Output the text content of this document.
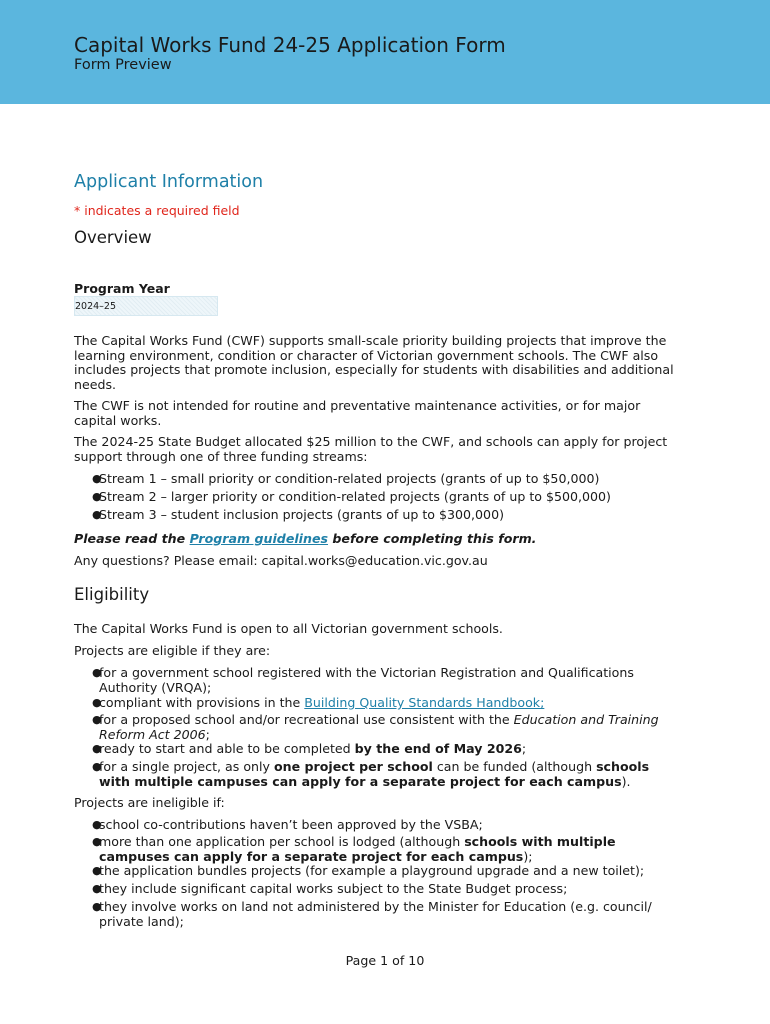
Capital Works Fund 24-25 Application Form
Form Preview
Applicant Information
* indicates a required field
Overview
Program Year
2024–25
The Capital Works Fund (CWF) supports small-scale priority building projects that improve the learning environment, condition or character of Victorian government schools. The CWF also includes projects that promote inclusion, especially for students with disabilities and additional needs.
The CWF is not intended for routine and preventative maintenance activities, or for major capital works.
The 2024-25 State Budget allocated $25 million to the CWF, and schools can apply for project support through one of three funding streams:
●
Stream 1 – small priority or condition-related projects (grants of up to $50,000)
●
Stream 2 – larger priority or condition-related projects (grants of up to $500,000)
●
Stream 3 – student inclusion projects (grants of up to $300,000)
Please read the Program guidelines before completing this form.
Any questions? Please email: capital.works@education.vic.gov.au
Eligibility
The Capital Works Fund is open to all Victorian government schools.
Projects are eligible if they are:
●
for a government school registered with the Victorian Registration and Qualifications Authority (VRQA);
●
compliant with provisions in the Building Quality Standards Handbook;
●
for a proposed school and/or recreational use consistent with the Education and Training Reform Act 2006;
●
ready to start and able to be completed by the end of May 2026;
●
for a single project, as only one project per school can be funded (although schools with multiple campuses can apply for a separate project for each campus).
Projects are ineligible if:
●
school co-contributions haven’t been approved by the VSBA;
●
more than one application per school is lodged (although schools with multiple campuses can apply for a separate project for each campus);
●
the application bundles projects (for example a playground upgrade and a new toilet);
●
they include significant capital works subject to the State Budget process;
●
they involve works on land not administered by the Minister for Education (e.g. council/ private land);
Page 1 of 10
